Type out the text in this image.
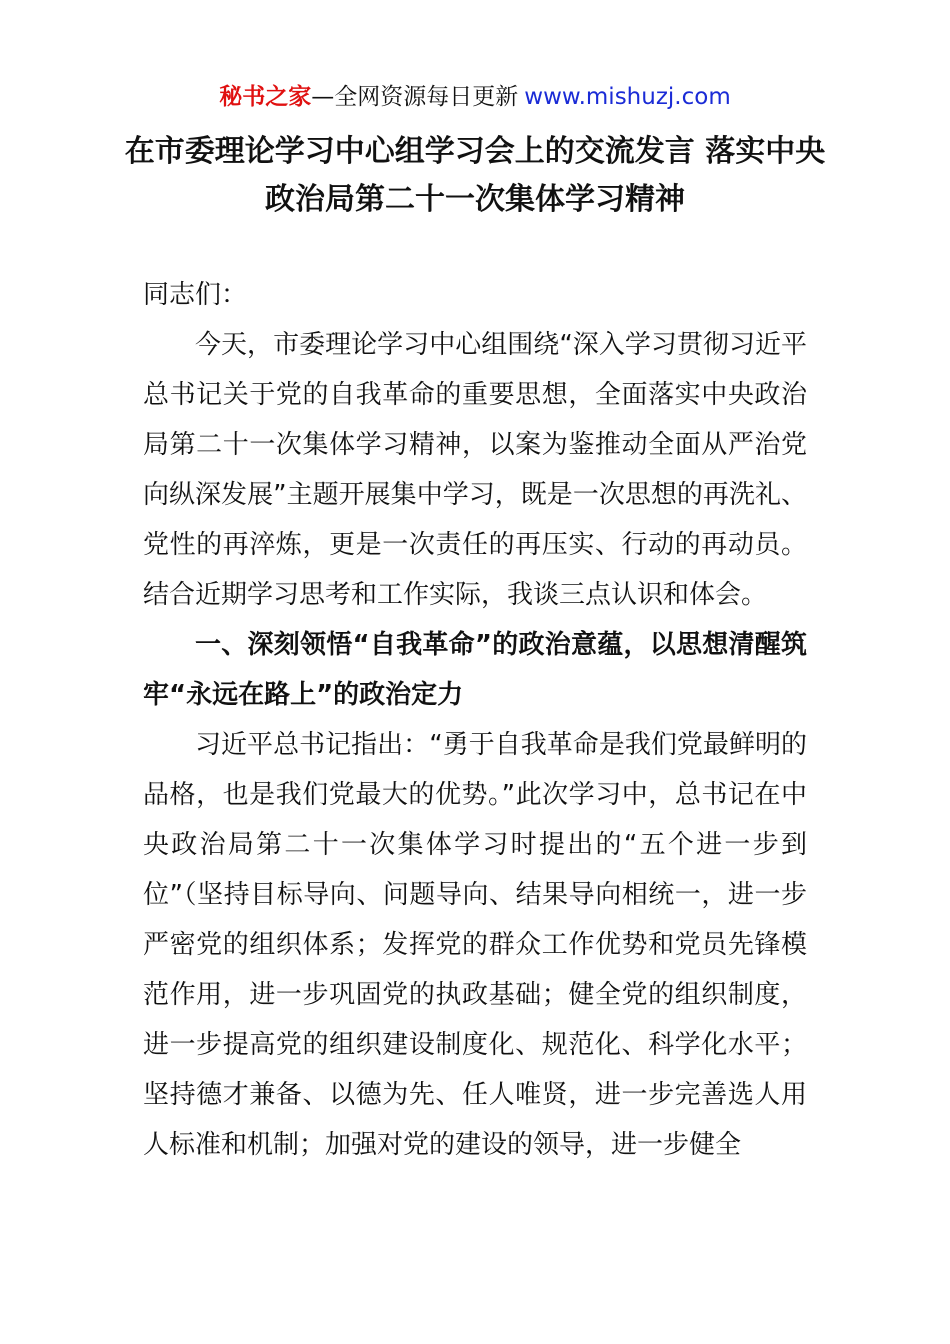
秘书之家—全网资源每日更新 www.mishuzj.com
在市委理论学习中心组学习会上的交流发言 落实中央政治局第二十一次集体学习精神

同志们：

今天，市委理论学习中心组围绕“深入学习贯彻习近平总书记关于党的自我革命的重要思想，全面落实中央政治局第二十一次集体学习精神，以案为鉴推动全面从严治党向纵深发展”主题开展集中学习，既是一次思想的再洗礼、党性的再淬炼，更是一次责任的再压实、行动的再动员。结合近期学习思考和工作实际，我谈三点认识和体会。

一、深刻领悟“自我革命”的政治意蕴，以思想清醒筑牢“永远在路上”的政治定力

习近平总书记指出：“勇于自我革命是我们党最鲜明的品格，也是我们党最大的优势。”此次学习中，总书记在中央政治局第二十一次集体学习时提出的“五个进一步到位”（坚持目标导向、问题导向、结果导向相统一，进一步严密党的组织体系；发挥党的群众工作优势和党员先锋模范作用，进一步巩固党的执政基础；健全党的组织制度，进一步提高党的组织建设制度化、规范化、科学化水平；坚持德才兼备、以德为先、任人唯贤，进一步完善选人用人标准和机制；加强对党的建设的领导，进一步健全
